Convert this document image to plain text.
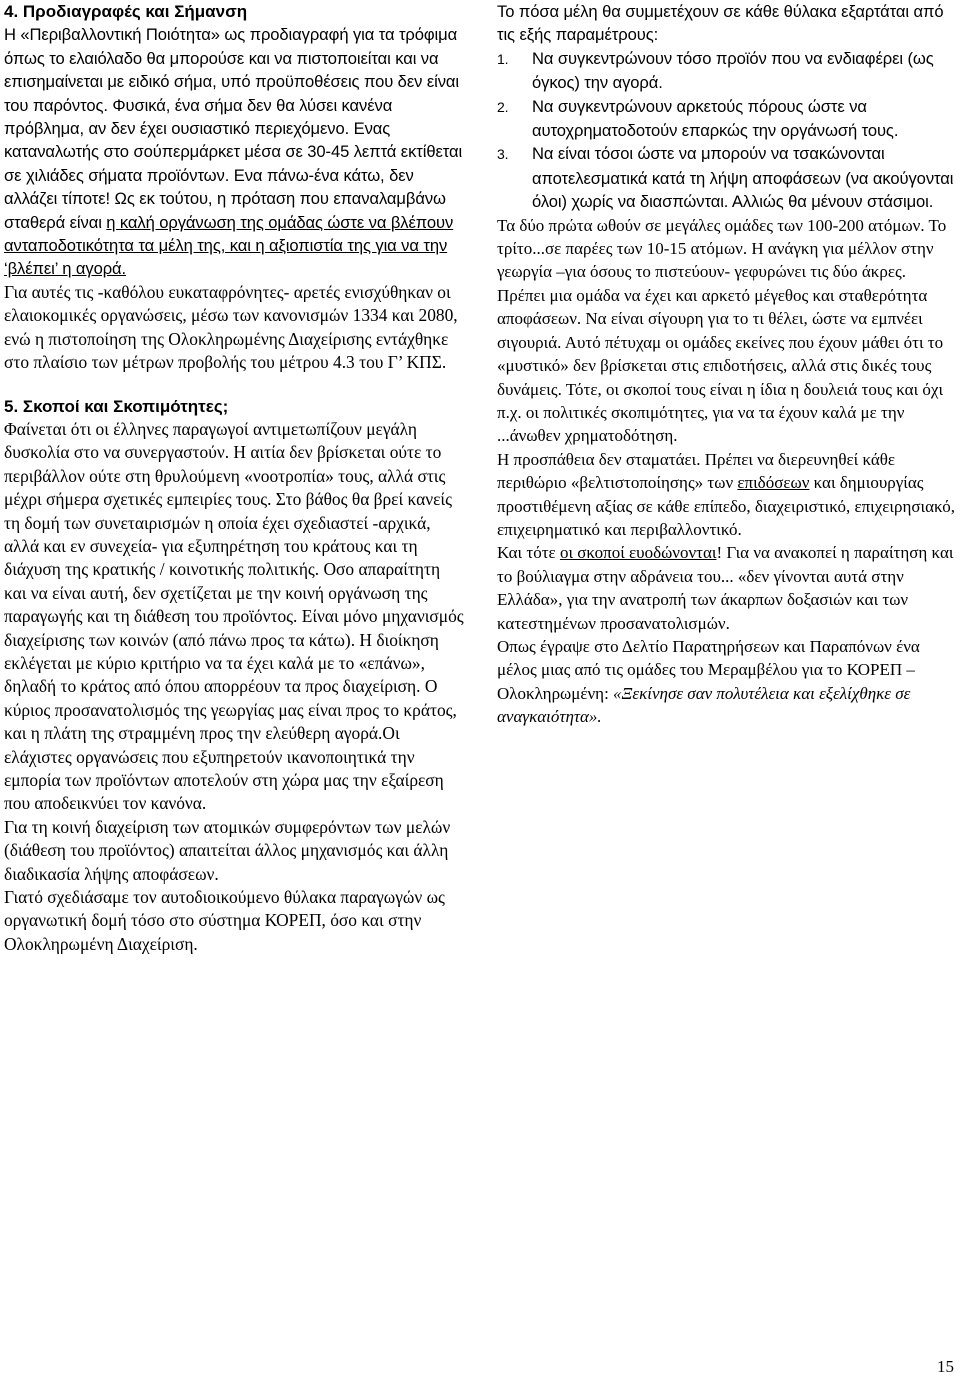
4. Προδιαγραφές και Σήμανση

Η «Περιβαλλοντική Ποιότητα» ως προδιαγραφή για τα τρόφιμα όπως το ελαιόλαδο θα μπορούσε και να πιστοποιείται και να επισημαίνεται με ειδικό σήμα, υπό προϋποθέσεις που δεν είναι του παρόντος. Φυσικά, ένα σήμα δεν θα λύσει κανένα πρόβλημα, αν δεν έχει ουσιαστικό περιεχόμενο. Ενας καταναλωτής στο σούπερμάρκετ μέσα σε 30-45 λεπτά εκτίθεται σε χιλιάδες σήματα προϊόντων. Ενα πάνω-ένα κάτω, δεν αλλάζει τίποτε! Ως εκ τούτου, η πρόταση που επαναλαμβάνω σταθερά είναι η καλή οργάνωση της ομάδας ώστε να βλέπουν ανταποδοτικότητα τα μέλη της, και η αξιοπιστία της για να την ‘βλέπει’ η αγορά.

Για αυτές τις -καθόλου ευκαταφρόνητες- αρετές ενισχύθηκαν οι ελαιοκομικές οργανώσεις, μέσω των κανονισμών 1334 και 2080, ενώ η πιστοποίηση της Ολοκληρωμένης Διαχείρισης εντάχθηκε στο πλαίσιο των μέτρων προβολής του μέτρου 4.3 του Γ’ ΚΠΣ.

5. Σκοποί και Σκοπιμότητες;

Φαίνεται ότι οι έλληνες παραγωγοί αντιμετωπίζουν μεγάλη δυσκολία στο να συνεργαστούν. Η αιτία δεν βρίσκεται ούτε το περιβάλλον ούτε στη θρυλούμενη «νοοτροπία» τους, αλλά στις μέχρι σήμερα σχετικές εμπειρίες τους. Στο βάθος θα βρεί κανείς τη δομή των συνεταιρισμών η οποία έχει σχεδιαστεί -αρχικά, αλλά και εν συνεχεία- για εξυπηρέτηση του κράτους και τη διάχυση της κρατικής / κοινοτικής πολιτικής. Οσο απαραίτητη και να είναι αυτή, δεν σχετίζεται με την κοινή οργάνωση της παραγωγής και τη διάθεση του προϊόντος. Είναι μόνο μηχανισμός διαχείρισης των κοινών (από πάνω προς τα κάτω). Η διοίκηση εκλέγεται με κύριο κριτήριο να τα έχει καλά με το «επάνω», δηλαδή το κράτος από όπου απορρέουν τα προς διαχείριση. Ο κύριος προσανατολισμός της γεωργίας μας είναι προς το κράτος, και η πλάτη της στραμμένη προς την ελεύθερη αγορά.Οι ελάχιστες οργανώσεις που εξυπηρετούν ικανοποιητικά την εμπορία των προϊόντων αποτελούν στη χώρα μας την εξαίρεση που αποδεικνύει τον κανόνα.

Για τη κοινή διαχείριση των ατομικών συμφερόντων των μελών (διάθεση του προϊόντος) απαιτείται άλλος μηχανισμός και άλλη διαδικασία λήψης αποφάσεων.

Γιατό σχεδιάσαμε τον αυτοδιοικούμενο θύλακα παραγωγών ως οργανωτική δομή τόσο στο σύστημα ΚΟΡΕΠ, όσο και στην Ολοκληρωμένη Διαχείριση.

Το πόσα μέλη θα συμμετέχουν σε κάθε θύλακα εξαρτάται από τις εξής παραμέτρους:

1. Να συγκεντρώνουν τόσο προϊόν που να ενδιαφέρει (ως όγκος) την αγορά.
2. Να συγκεντρώνουν αρκετούς πόρους ώστε να αυτοχρηματοδοτούν επαρκώς την οργάνωσή τους.
3. Να είναι τόσοι ώστε να μπορούν να τσακώνονται αποτελεσματικά κατά τη λήψη αποφάσεων (να ακούγονται όλοι) χωρίς να διασπώνται. Αλλιώς θα μένουν στάσιμοι.

Τα δύο πρώτα ωθούν σε μεγάλες ομάδες των 100-200 ατόμων. Το τρίτο...σε παρέες των 10-15 ατόμων. Η ανάγκη για μέλλον στην γεωργία –για όσους το πιστεύουν- γεφυρώνει τις δύο άκρες.

Πρέπει μια ομάδα να έχει και αρκετό μέγεθος και σταθερότητα αποφάσεων. Να είναι σίγουρη για το τι θέλει, ώστε να εμπνέει σιγουριά. Αυτό πέτυχαμ οι ομάδες εκείνες που έχουν μάθει ότι το «μυστικό» δεν βρίσκεται στις επιδοτήσεις, αλλά στις δικές τους δυνάμεις. Τότε, οι σκοποί τους είναι η ίδια η δουλειά τους και όχι π.χ. οι πολιτικές σκοπιμότητες, για να τα έχουν καλά με την ...άνωθεν χρηματοδότηση.

Η προσπάθεια δεν σταματάει. Πρέπει να διερευνηθεί κάθε περιθώριο «βελτιστοποίησης» των επιδόσεων και δημιουργίας προστιθέμενη αξίας σε κάθε επίπεδο, διαχειριστικό, επιχειρησιακό, επιχειρηματικό και περιβαλλοντικό.

Και τότε οι σκοποί ευοδώνονται! Για να ανακοπεί η παραίτηση και το βούλιαγμα στην αδράνεια του... «δεν γίνονται αυτά στην Ελλάδα», για την ανατροπή των άκαρπων δοξασιών και των κατεστημένων προσανατολισμών.

Οπως έγραψε στο Δελτίο Παρατηρήσεων και Παραπόνων ένα μέλος μιας από τις ομάδες του Μεραμβέλου για το ΚΟΡΕΠ – Ολοκληρωμένη: «Ξεκίνησε σαν πολυτέλεια και εξελίχθηκε σε αναγκαιότητα».

15
